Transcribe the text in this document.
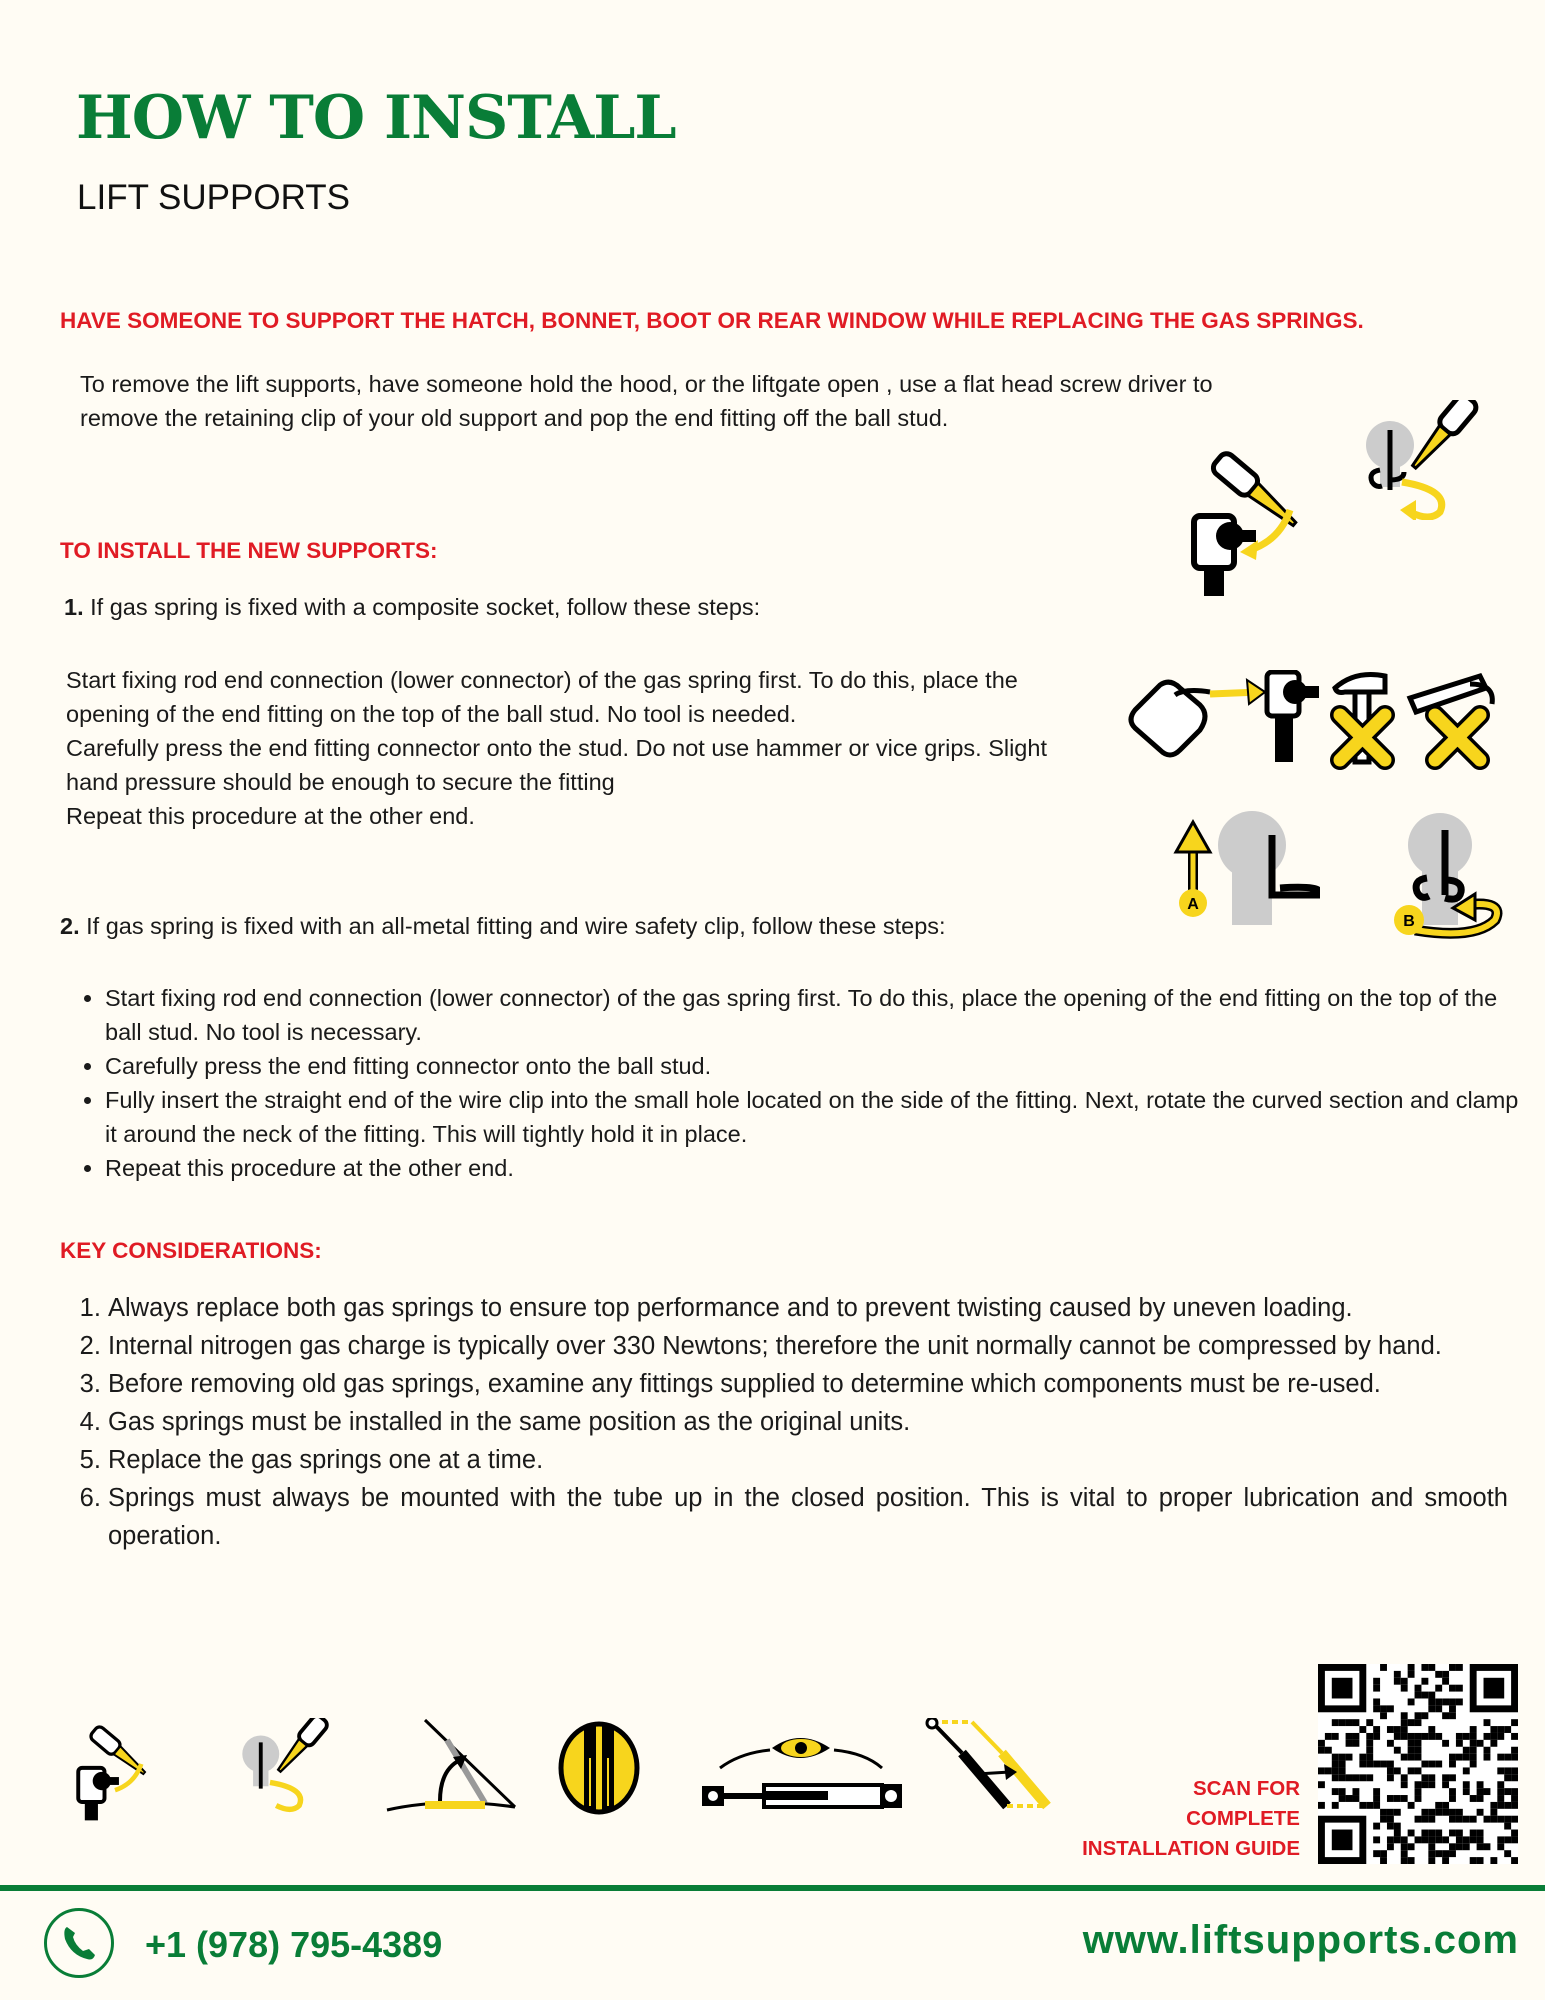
HOW TO INSTALL
LIFT SUPPORTS
HAVE SOMEONE TO SUPPORT THE HATCH, BONNET, BOOT OR REAR WINDOW WHILE REPLACING THE GAS SPRINGS.
To remove the lift supports, have someone hold the hood, or the liftgate open , use a flat head screw driver to remove the retaining clip of your old support and pop the end fitting off the ball stud.
TO INSTALL THE NEW SUPPORTS:
1. If gas spring is fixed with a composite socket, follow these steps:
Start fixing rod end connection (lower connector) of the gas spring first. To do this, place the opening of the end fitting on the top of the ball stud. No tool is needed.
Carefully press the end fitting connector onto the stud. Do not use hammer or vice grips. Slight hand pressure should be enough to secure the fitting
Repeat this procedure at the other end.
A
B
2. If gas spring is fixed with an all-metal fitting and wire safety clip, follow these steps:
• Start fixing rod end connection (lower connector) of the gas spring first. To do this, place the opening of the end fitting on the top of the ball stud. No tool is necessary.
• Carefully press the end fitting connector onto the ball stud.
• Fully insert the straight end of the wire clip into the small hole located on the side of the fitting. Next, rotate the curved section and clamp it around the neck of the fitting. This will tightly hold it in place.
• Repeat this procedure at the other end.
KEY CONSIDERATIONS:
1. Always replace both gas springs to ensure top performance and to prevent twisting caused by uneven loading.
2. Internal nitrogen gas charge is typically over 330 Newtons; therefore the unit normally cannot be compressed by hand.
3. Before removing old gas springs, examine any fittings supplied to determine which components must be re-used.
4. Gas springs must be installed in the same position as the original units.
5. Replace the gas springs one at a time.
6. Springs must always be mounted with the tube up in the closed position. This is vital to proper lubrication and smooth operation.
SCAN FOR
COMPLETE
INSTALLATION GUIDE
+1 (978) 795-4389	www.liftsupports.com
